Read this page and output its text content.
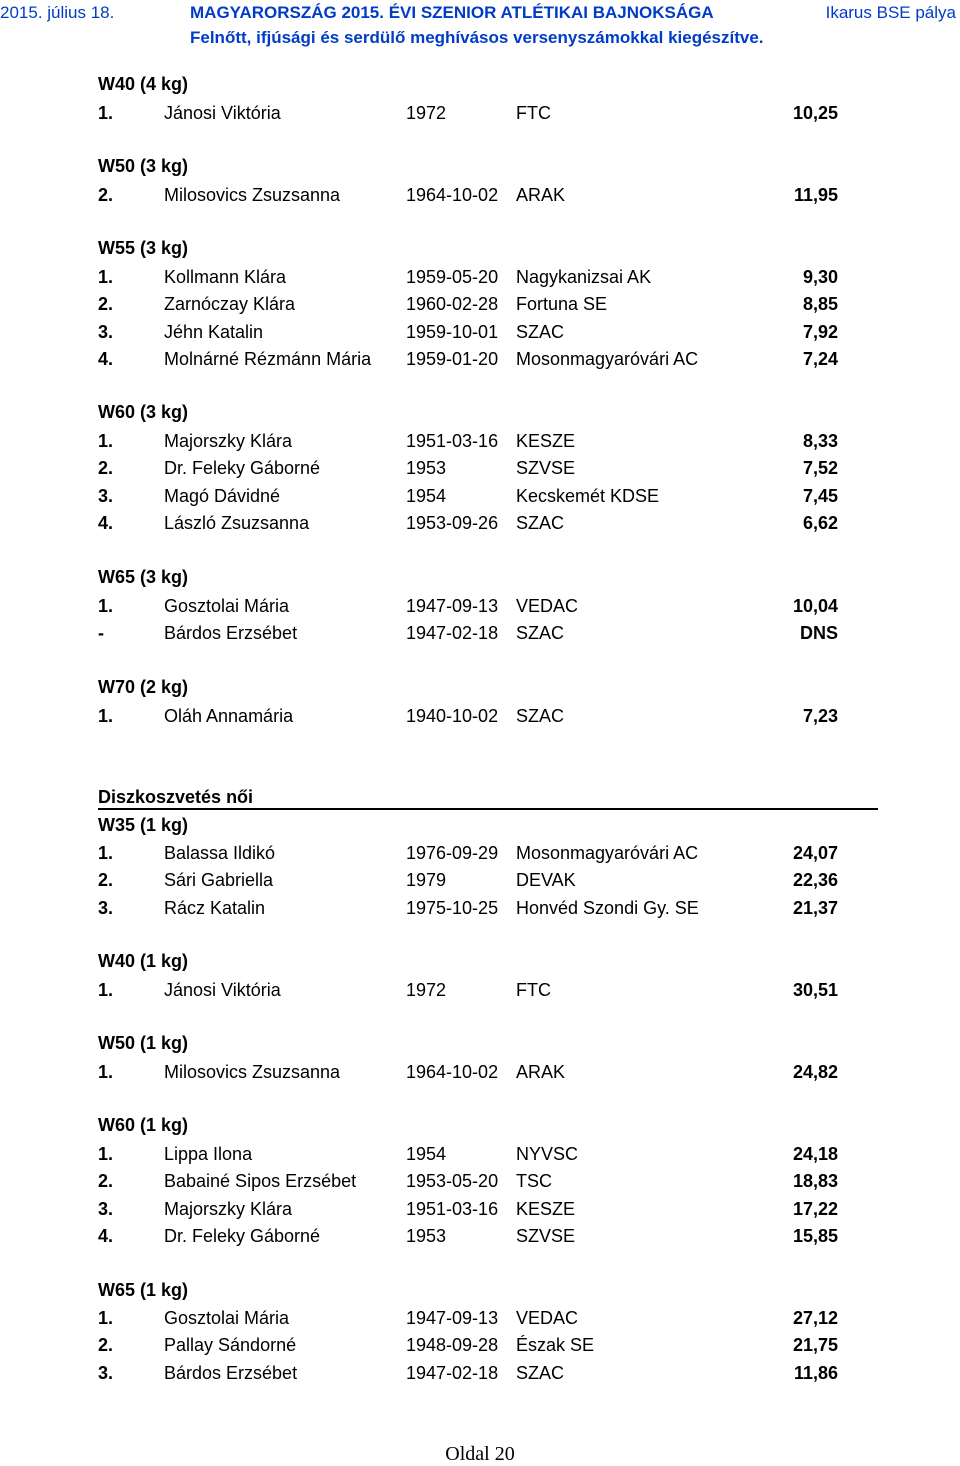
2015. július 18.	MAGYARORSZÁG 2015. ÉVI SZENIOR ATLÉTIKAI BAJNOKSÁGA	Ikarus BSE pálya
Felnőtt, ifjúsági és serdülő meghívásos versenyszámokkal kiegészítve.
W40 (4 kg)
1.	Jánosi Viktória	1972	FTC	10,25
W50 (3 kg)
2.	Milosovics Zsuzsanna	1964-10-02 ARAK	11,95
W55 (3 kg)
1.	Kollmann Klára	1959-05-20 Nagykanizsai AK	9,30
2.	Zarnóczay Klára	1960-02-28 Fortuna SE	8,85
3.	Jéhn Katalin	1959-10-01 SZAC	7,92
4.	Molnárné Rézmánn Mária 1959-01-20 Mosonmagyaróvári AC	7,24
W60 (3 kg)
1.	Majorszky Klára	1951-03-16 KESZE	8,33
2.	Dr. Feleky Gáborné	1953	SZVSE	7,52
3.	Magó Dávidné	1954	Kecskemét KDSE	7,45
4.	László Zsuzsanna	1953-09-26 SZAC	6,62
W65 (3 kg)
1.	Gosztolai Mária	1947-09-13 VEDAC	10,04
-	Bárdos Erzsébet	1947-02-18 SZAC	DNS
W70 (2 kg)
1.	Oláh Annamária	1940-10-02 SZAC	7,23
Diszkoszvetés női
W35 (1 kg)
1.	Balassa Ildikó	1976-09-29 Mosonmagyaróvári AC	24,07
2.	Sári Gabriella	1979	DEVAK	22,36
3.	Rácz Katalin	1975-10-25 Honvéd Szondi Gy. SE	21,37
W40 (1 kg)
1.	Jánosi Viktória	1972	FTC	30,51
W50 (1 kg)
1.	Milosovics Zsuzsanna	1964-10-02 ARAK	24,82
W60 (1 kg)
1.	Lippa Ilona	1954	NYVSC	24,18
2.	Babainé Sipos Erzsébet	1953-05-20 TSC	18,83
3.	Majorszky Klára	1951-03-16 KESZE	17,22
4.	Dr. Feleky Gáborné	1953	SZVSE	15,85
W65 (1 kg)
1.	Gosztolai Mária	1947-09-13 VEDAC	27,12
2.	Pallay Sándorné	1948-09-28 Észak SE	21,75
3.	Bárdos Erzsébet	1947-02-18 SZAC	11,86
Oldal 20
